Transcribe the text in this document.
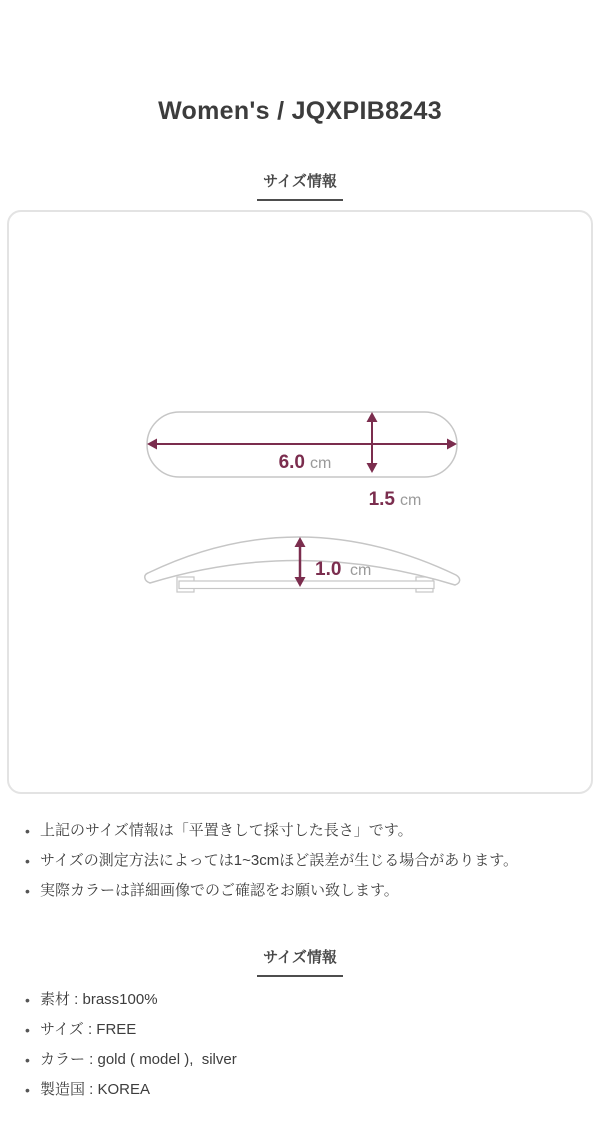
Women's / JQXPIB8243
サイズ情報
6.0 cm
1.5 cm
1.0 cm
• 上記のサイズ情報は「平置きして採寸した長さ」です。
• サイズの測定方法によっては1~3cmほど誤差が生じる場合があります。
• 実際カラーは詳細画像でのご確認をお願い致します。
サイズ情報
• 素材 : brass100%
• サイズ : FREE
• カラー : gold ( model ),  silver
• 製造国 : KOREA
